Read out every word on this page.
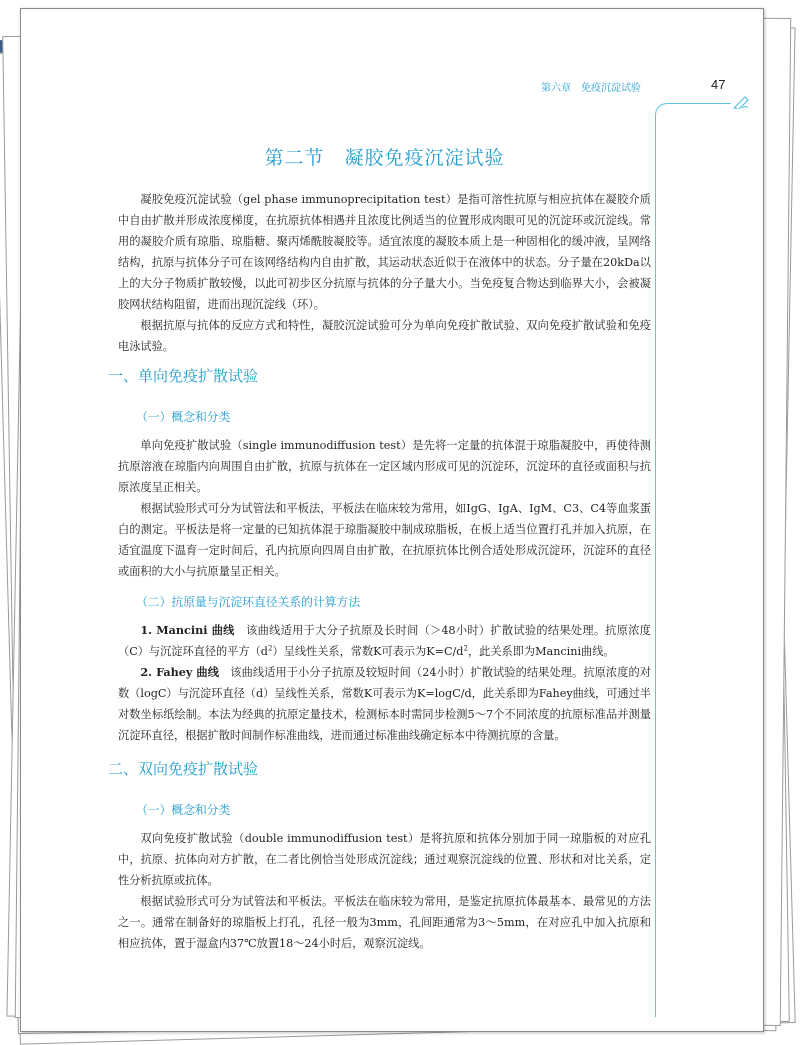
第六章　免疫沉淀试验	47
第二节　凝胶免疫沉淀试验

凝胶免疫沉淀试验（gel phase immunoprecipitation test）是指可溶性抗原与相应抗体在凝胶介质中自由扩散并形成浓度梯度，在抗原抗体相遇并且浓度比例适当的位置形成肉眼可见的沉淀环或沉淀线。常用的凝胶介质有琼脂、琼脂糖、聚丙烯酰胺凝胶等。适宜浓度的凝胶本质上是一种固相化的缓冲液，呈网络结构，抗原与抗体分子可在该网络结构内自由扩散，其运动状态近似于在液体中的状态。分子量在20kDa以上的大分子物质扩散较慢，以此可初步区分抗原与抗体的分子量大小。当免疫复合物达到临界大小，会被凝胶网状结构阻留，进而出现沉淀线（环）。

根据抗原与抗体的反应方式和特性，凝胶沉淀试验可分为单向免疫扩散试验、双向免疫扩散试验和免疫电泳试验。

一、单向免疫扩散试验
（一）概念和分类

单向免疫扩散试验（single immunodiffusion test）是先将一定量的抗体混于琼脂凝胶中，再使待测抗原溶液在琼脂内向周围自由扩散，抗原与抗体在一定区域内形成可见的沉淀环，沉淀环的直径或面积与抗原浓度呈正相关。

根据试验形式可分为试管法和平板法，平板法在临床较为常用，如IgG、IgA、IgM、C3、C4等血浆蛋白的测定。平板法是将一定量的已知抗体混于琼脂凝胶中制成琼脂板，在板上适当位置打孔并加入抗原，在适宜温度下温育一定时间后，孔内抗原向四周自由扩散，在抗原抗体比例合适处形成沉淀环，沉淀环的直径或面积的大小与抗原量呈正相关。

（二）抗原量与沉淀环直径关系的计算方法

1. Mancini 曲线　该曲线适用于大分子抗原及长时间（＞48小时）扩散试验的结果处理。抗原浓度（C）与沉淀环直径的平方$(d^2)$呈线性关系，常数K可表示为$K=C/d^2$，此关系即为Mancini曲线。

2. Fahey 曲线　该曲线适用于小分子抗原及较短时间（24小时）扩散试验的结果处理。抗原浓度的对数（logC）与沉淀环直径（d）呈线性关系，常数K可表示为K=logC/d，此关系即为Fahey曲线，可通过半对数坐标纸绘制。本法为经典的抗原定量技术，检测标本时需同步检测5～7个不同浓度的抗原标准品并测量沉淀环直径，根据扩散时间制作标准曲线，进而通过标准曲线确定标本中待测抗原的含量。

二、双向免疫扩散试验
（一）概念和分类

双向免疫扩散试验（double immunodiffusion test）是将抗原和抗体分别加于同一琼脂板的对应孔中，抗原、抗体向对方扩散，在二者比例恰当处形成沉淀线；通过观察沉淀线的位置、形状和对比关系，定性分析抗原或抗体。

根据试验形式可分为试管法和平板法。平板法在临床较为常用，是鉴定抗原抗体最基本、最常见的方法之一。通常在制备好的琼脂板上打孔，孔径一般为3mm，孔间距通常为3～5mm，在对应孔中加入抗原和相应抗体，置于湿盒内37℃放置18～24小时后，观察沉淀线。
